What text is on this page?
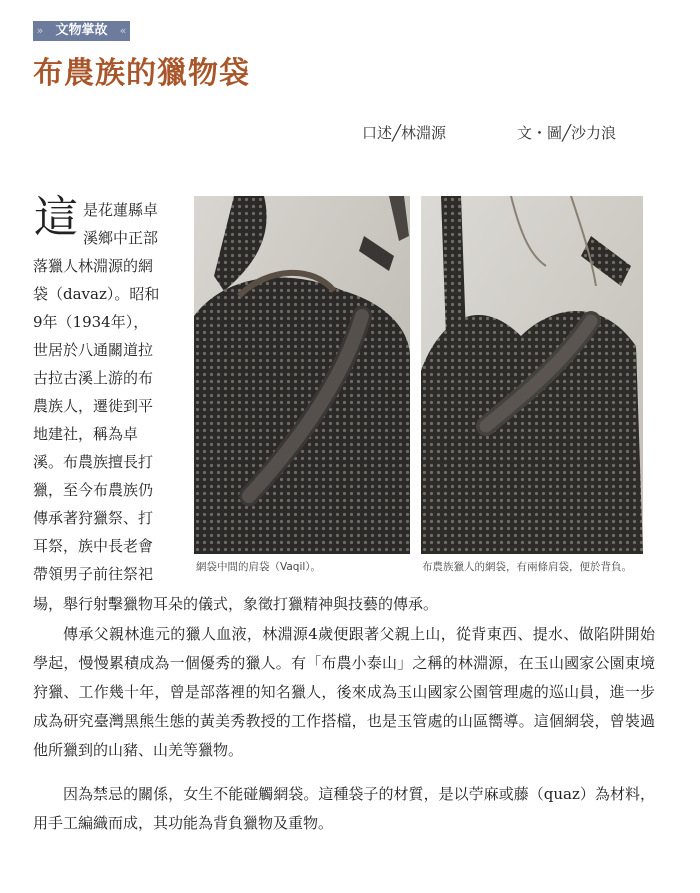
» 文物掌故	«
布農族的獵物袋
口述╱林淵源	文・圖╱沙力浪
網袋中間的肩袋（Vaqil）。	布農族獵人的網袋，有兩條肩袋，便於背負。
這 是花蓮縣卓

溪鄉中正部

落獵人林淵源的網

袋（davaz）。昭和

9年（1934年），

世居於八通關道拉

古拉古溪上游的布

農族人，遷徙到平

地建社，稱為卓

溪。布農族擅長打

獵，至今布農族仍

傳承著狩獵祭、打

耳祭，族中長老會

帶領男子前往祭祀

場，舉行射擊獵物耳朵的儀式，象徵打獵精神與技藝的傳承。

傳承父親林進元的獵人血液，林淵源4歲便跟著父親上山，從背東西、提水、做陷阱開始學起，慢慢累積成為一個優秀的獵人。有「布農小泰山」之稱的林淵源，在玉山國家公園東境狩獵、工作幾十年，曾是部落裡的知名獵人，後來成為玉山國家公園管理處的巡山員，進一步成為研究臺灣黑熊生態的黃美秀教授的工作搭檔，也是玉管處的山區嚮導。這個網袋，曾裝過他所獵到的山豬、山羌等獵物。

因為禁忌的關係，女生不能碰觸網袋。這種袋子的材質，是以苧麻或藤（quaz）為材料，用手工編織而成，其功能為背負獵物及重物。
